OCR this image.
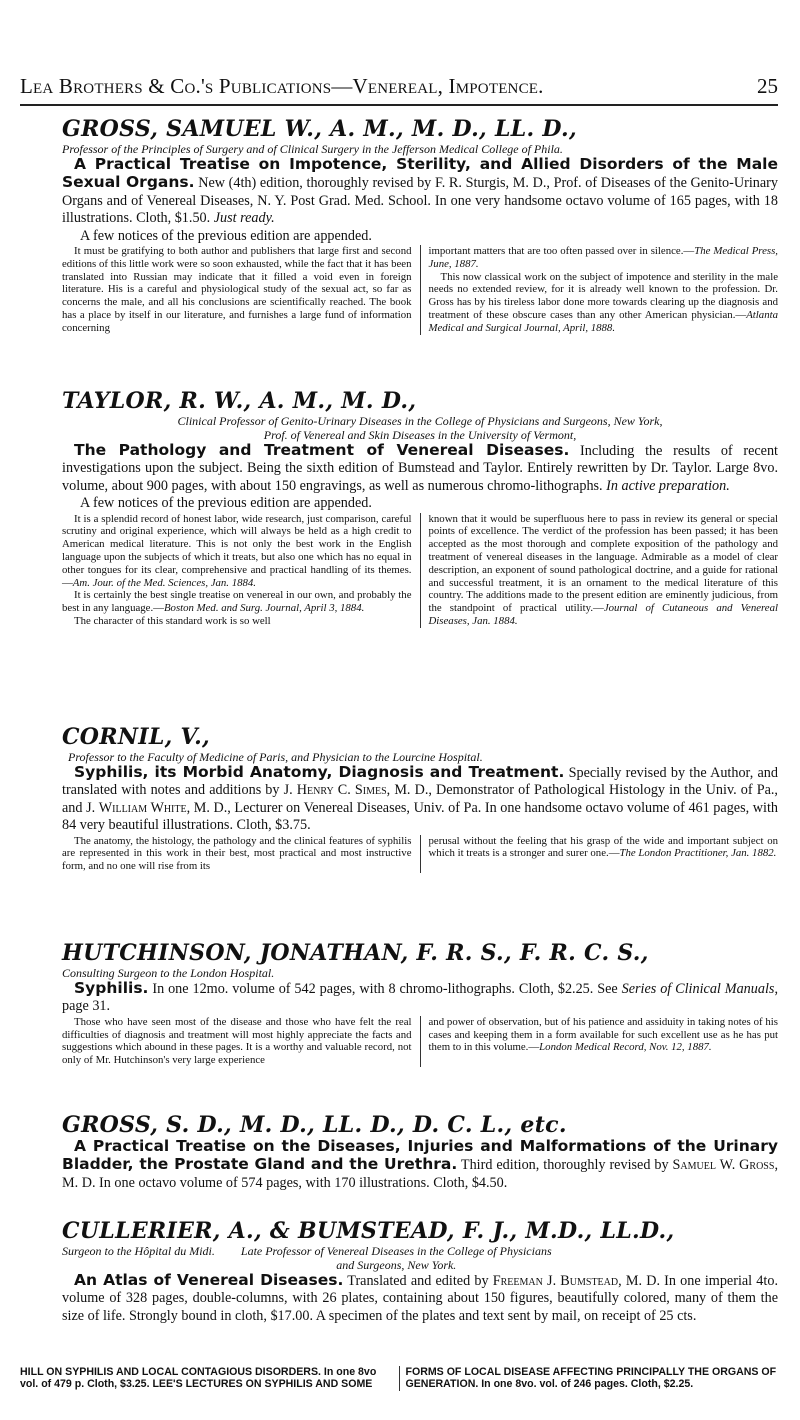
Lea Brothers & Co.'s Publications—Venereal, Impotence.	25
GROSS, SAMUEL W., A. M., M. D., LL. D.,
Professor of the Principles of Surgery and of Clinical Surgery in the Jefferson Medical College of Phila.
A Practical Treatise on Impotence, Sterility, and Allied Disorders of the Male Sexual Organs. New (4th) edition, thoroughly revised by F. R. Sturgis, M. D., Prof. of Diseases of the Genito-Urinary Organs and of Venereal Diseases, N. Y. Post Grad. Med. School. In one very handsome octavo volume of 165 pages, with 18 illustrations. Cloth, $1.50. Just ready.
A few notices of the previous edition are appended.
It must be gratifying to both author and publishers that large first and second editions of this little work were so soon exhausted, while the fact that it has been translated into Russian may indicate that it filled a void even in foreign literature. His is a careful and physiological study of the sexual act, so far as concerns the male, and all his conclusions are scientifically reached. The book has a place by itself in our literature, and furnishes a large fund of information concerning
important matters that are too often passed over in silence.—The Medical Press, June, 1887.
This now classical work on the subject of impotence and sterility in the male needs no extended review, for it is already well known to the profession. Dr. Gross has by his tireless labor done more towards clearing up the diagnosis and treatment of these obscure cases than any other American physician.—Atlanta Medical and Surgical Journal, April, 1888.
TAYLOR, R. W., A. M., M. D.,
Clinical Professor of Genito-Urinary Diseases in the College of Physicians and Surgeons, New York,
Prof. of Venereal and Skin Diseases in the University of Vermont,
The Pathology and Treatment of Venereal Diseases. Including the results of recent investigations upon the subject. Being the sixth edition of Bumstead and Taylor. Entirely rewritten by Dr. Taylor. Large 8vo. volume, about 900 pages, with about 150 engravings, as well as numerous chromo-lithographs. In active preparation.
A few notices of the previous edition are appended.
It is a splendid record of honest labor, wide research, just comparison, careful scrutiny and original experience, which will always be held as a high credit to American medical literature. This is not only the best work in the English language upon the subjects of which it treats, but also one which has no equal in other tongues for its clear, comprehensive and practical handling of its themes.—Am. Jour. of the Med. Sciences, Jan. 1884.
It is certainly the best single treatise on venereal in our own, and probably the best in any language.—Boston Med. and Surg. Journal, April 3, 1884.
The character of this standard work is so well
known that it would be superfluous here to pass in review its general or special points of excellence. The verdict of the profession has been passed; it has been accepted as the most thorough and complete exposition of the pathology and treatment of venereal diseases in the language. Admirable as a model of clear description, an exponent of sound pathological doctrine, and a guide for rational and successful treatment, it is an ornament to the medical literature of this country. The additions made to the present edition are eminently judicious, from the standpoint of practical utility.—Journal of Cutaneous and Venereal Diseases, Jan. 1884.
CORNIL, V.,
Professor to the Faculty of Medicine of Paris, and Physician to the Lourcine Hospital.
Syphilis, its Morbid Anatomy, Diagnosis and Treatment. Specially revised by the Author, and translated with notes and additions by J. Henry C. Simes, M. D., Demonstrator of Pathological Histology in the Univ. of Pa., and J. William White, M. D., Lecturer on Venereal Diseases, Univ. of Pa. In one handsome octavo volume of 461 pages, with 84 very beautiful illustrations. Cloth, $3.75.
The anatomy, the histology, the pathology and the clinical features of syphilis are represented in this work in their best, most practical and most instructive form, and no one will rise from its
perusal without the feeling that his grasp of the wide and important subject on which it treats is a stronger and surer one.—The London Practitioner, Jan. 1882.
HUTCHINSON, JONATHAN, F. R. S., F. R. C. S.,
Consulting Surgeon to the London Hospital.
Syphilis. In one 12mo. volume of 542 pages, with 8 chromo-lithographs. Cloth, $2.25. See Series of Clinical Manuals, page 31.
Those who have seen most of the disease and those who have felt the real difficulties of diagnosis and treatment will most highly appreciate the facts and suggestions which abound in these pages. It is a worthy and valuable record, not only of Mr. Hutchinson's very large experience
and power of observation, but of his patience and assiduity in taking notes of his cases and keeping them in a form available for such excellent use as he has put them to in this volume.—London Medical Record, Nov. 12, 1887.
GROSS, S. D., M. D., LL. D., D. C. L., etc.
A Practical Treatise on the Diseases, Injuries and Malformations of the Urinary Bladder, the Prostate Gland and the Urethra. Third edition, thoroughly revised by Samuel W. Gross, M. D. In one octavo volume of 574 pages, with 170 illustrations. Cloth, $4.50.
CULLERIER, A., & BUMSTEAD, F. J., M.D., LL.D.,
Surgeon to the Hôpital du Midi. Late Professor of Venereal Diseases in the College of Physicians
and Surgeons, New York.
An Atlas of Venereal Diseases. Translated and edited by Freeman J. Bumstead, M. D. In one imperial 4to. volume of 328 pages, double-columns, with 26 plates, containing about 150 figures, beautifully colored, many of them the size of life. Strongly bound in cloth, $17.00. A specimen of the plates and text sent by mail, on receipt of 25 cts.
HILL ON SYPHILIS AND LOCAL CONTAGIOUS DISORDERS. In one 8vo vol. of 479 p. Cloth, $3.25. LEE'S LECTURES ON SYPHILIS AND SOME
FORMS OF LOCAL DISEASE AFFECTING PRINCIPALLY THE ORGANS OF GENERATION. In one 8vo. vol. of 246 pages. Cloth, $2.25.
